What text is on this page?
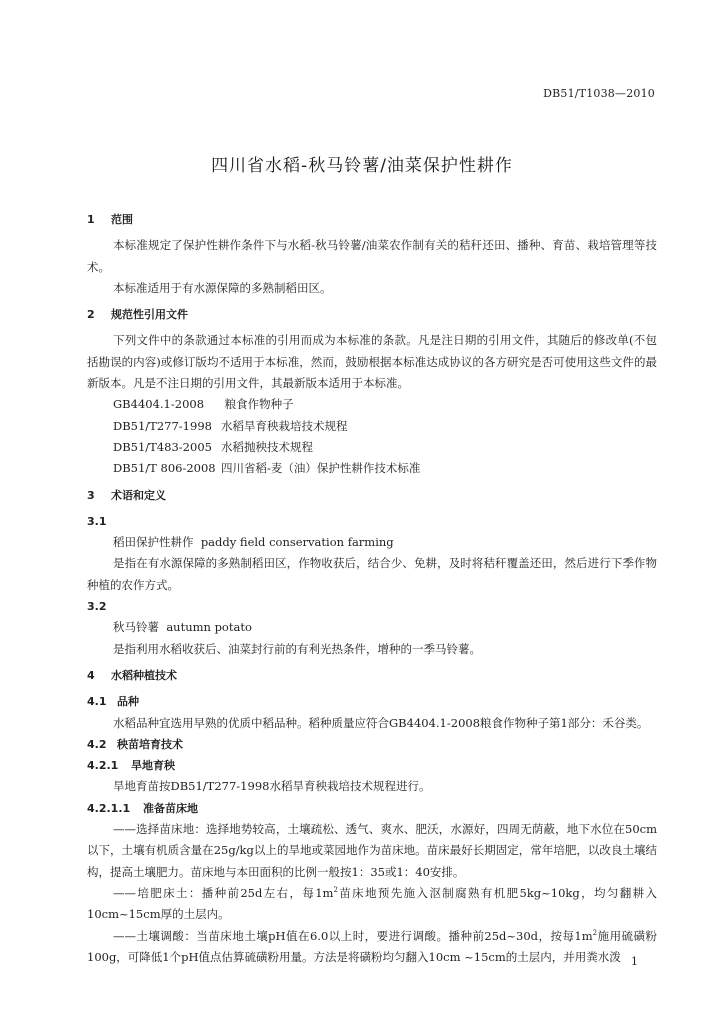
DB51/T1038—2010
四川省水稻-秋马铃薯/油菜保护性耕作

1 范围

本标准规定了保护性耕作条件下与水稻-秋马铃薯/油菜农作制有关的秸秆还田、播种、育苗、栽培管理等技术。

本标准适用于有水源保障的多熟制稻田区。

2 规范性引用文件

下列文件中的条款通过本标准的引用而成为本标准的条款。凡是注日期的引用文件，其随后的修改单(不包括勘误的内容)或修订版均不适用于本标准，然而，鼓励根据本标准达成协议的各方研究是否可使用这些文件的最新版本。凡是不注日期的引用文件，其最新版本适用于本标准。

GB4404.1-2008 粮食作物种子

DB51/T277-1998 水稻旱育秧栽培技术规程

DB51/T483-2005 水稻抛秧技术规程

DB51/T 806-2008 四川省稻-麦（油）保护性耕作技术标准

3 术语和定义

3.1

稻田保护性耕作 paddy field conservation farming

是指在有水源保障的多熟制稻田区，作物收获后，结合少、免耕，及时将秸秆覆盖还田，然后进行下季作物种植的农作方式。

3.2

秋马铃薯 autumn potato

是指利用水稻收获后、油菜封行前的有利光热条件，增种的一季马铃薯。

4 水稻种植技术

4.1 品种

水稻品种宜选用早熟的优质中稻品种。稻种质量应符合GB4404.1-2008粮食作物种子第1部分：禾谷类。

4.2 秧苗培育技术

4.2.1 旱地育秧

旱地育苗按DB51/T277-1998水稻旱育秧栽培技术规程进行。

4.2.1.1 准备苗床地

——选择苗床地：选择地势较高，土壤疏松、透气、爽水、肥沃，水源好，四周无荫蔽，地下水位在50cm以下，土壤有机质含量在25g/kg以上的旱地或菜园地作为苗床地。苗床最好长期固定，常年培肥，以改良土壤结构，提高土壤肥力。苗床地与本田面积的比例一般按1：35或1：40安排。

——培肥床土：播种前25d左右，每$1m^2$苗床地预先施入沤制腐熟有机肥5kg~10kg，均匀翻耕入10cm~15cm厚的土层内。

——土壤调酸：当苗床地土壤pH值在6.0以上时，要进行调酸。播种前25d~30d，按每$1m^2$施用硫磺粉100g，可降低1个pH值点估算硫磺粉用量。方法是将磺粉均匀翻入10cm ~15cm的土层内，并用粪水泼 1
